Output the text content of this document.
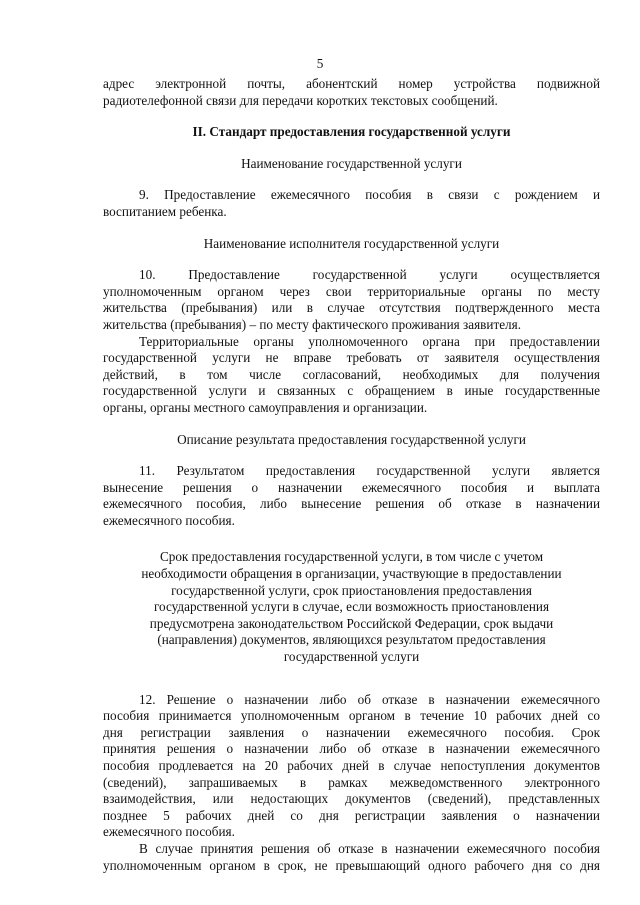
5

адрес электронной почты, абонентский номер устройства подвижной

радиотелефонной связи для передачи коротких текстовых сообщений.

II. Стандарт предоставления государственной услуги

Наименование государственной услуги

9. Предоставление ежемесячного пособия в связи с рождением и

воспитанием ребенка.

Наименование исполнителя государственной услуги

10. Предоставление государственной услуги осуществляется

уполномоченным органом через свои территориальные органы по месту

жительства (пребывания) или в случае отсутствия подтвержденного места

жительства (пребывания) – по месту фактического проживания заявителя.

Территориальные органы уполномоченного органа при предоставлении

государственной услуги не вправе требовать от заявителя осуществления

действий, в том числе согласований, необходимых для получения

государственной услуги и связанных с обращением в иные государственные

органы, органы местного самоуправления и организации.

Описание результата предоставления государственной услуги

11. Результатом предоставления государственной услуги является

вынесение решения о назначении ежемесячного пособия и выплата

ежемесячного пособия, либо вынесение решения об отказе в назначении

ежемесячного пособия.

Срок предоставления государственной услуги, в том числе с учетом

необходимости обращения в организации, участвующие в предоставлении

государственной услуги, срок приостановления предоставления

государственной услуги в случае, если возможность приостановления

предусмотрена законодательством Российской Федерации, срок выдачи

(направления) документов, являющихся результатом предоставления

государственной услуги

12. Решение о назначении либо об отказе в назначении ежемесячного

пособия принимается уполномоченным органом в течение 10 рабочих дней со

дня регистрации заявления о назначении ежемесячного пособия. Срок

принятия решения о назначении либо об отказе в назначении ежемесячного

пособия продлевается на 20 рабочих дней в случае непоступления документов

(сведений), запрашиваемых в рамках межведомственного электронного

взаимодействия, или недостающих документов (сведений), представленных

позднее 5 рабочих дней со дня регистрации заявления о назначении

ежемесячного пособия.

В случае принятия решения об отказе в назначении ежемесячного пособия

уполномоченным органом в срок, не превышающий одного рабочего дня со дня
